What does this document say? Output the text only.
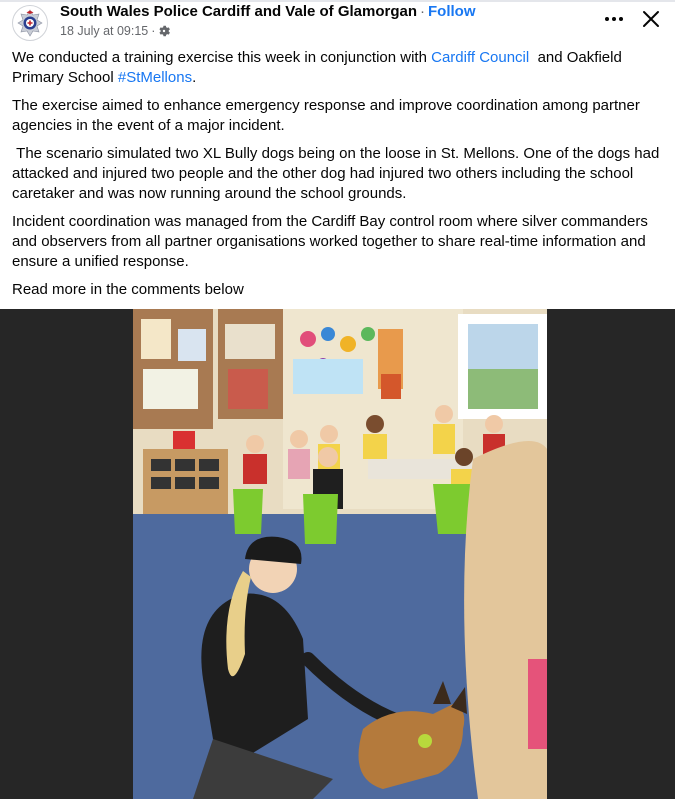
South Wales Police Cardiff and Vale of Glamorgan · Follow
18 July at 09:15 ·

We conducted a training exercise this week in conjunction with Cardiff Council  and Oakfield Primary School #StMellons.

The exercise aimed to enhance emergency response and improve coordination among partner agencies in the event of a major incident.

The scenario simulated two XL Bully dogs being on the loose in St. Mellons. One of the dogs had attacked and injured two people and the other dog had injured two others including the school caretaker and was now running around the school grounds.

Incident coordination was managed from the Cardiff Bay control room where silver commanders and observers from all partner organisations worked together to share real-time information and ensure a unified response.

Read more in the comments below
